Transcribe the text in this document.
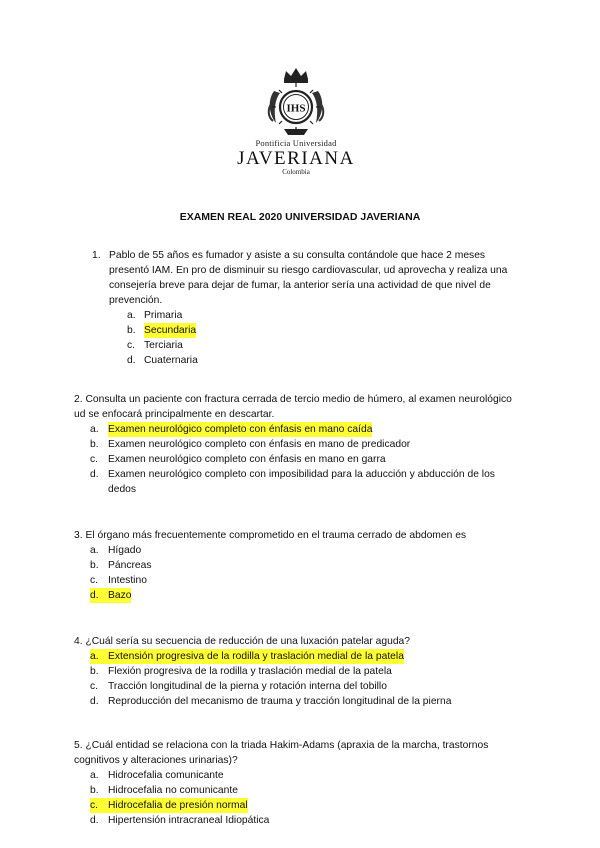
IHS
Pontificia Universidad
JAVERIANA
Colombia
EXAMEN REAL 2020 UNIVERSIDAD JAVERIANA
1. Pablo de 55 años es fumador y asiste a su consulta contándole que hace 2 meses presentó IAM. En pro de disminuir su riesgo cardiovascular, ud aprovecha y realiza una consejería breve para dejar de fumar, la anterior sería una actividad de que nivel de prevención.
a. Primaria
b. Secundaria
c. Terciaria
d. Cuaternaria
2. Consulta un paciente con fractura cerrada de tercio medio de húmero, al examen neurológico ud se enfocará principalmente en descartar.
a. Examen neurológico completo con énfasis en mano caída
b. Examen neurológico completo con énfasis en mano de predicador
c. Examen neurológico completo con énfasis en mano en garra
d. Examen neurológico completo con imposibilidad para la aducción y abducción de los dedos
3. El órgano más frecuentemente comprometido en el trauma cerrado de abdomen es
a. Hígado
b. Páncreas
c. Intestino
d. Bazo
4. ¿Cuál sería su secuencia de reducción de una luxación patelar aguda?
a. Extensión progresiva de la rodilla y traslación medial de la patela
b. Flexión progresiva de la rodilla y traslación medial de la patela
c. Tracción longitudinal de la pierna y rotación interna del tobillo
d. Reproducción del mecanismo de trauma y tracción longitudinal de la pierna
5. ¿Cuál entidad se relaciona con la triada Hakim-Adams (apraxia de la marcha, trastornos cognitivos y alteraciones urinarias)?
a. Hidrocefalia comunicante
b. Hidrocefalia no comunicante
c. Hidrocefalia de presión normal
d. Hipertensión intracraneal Idiopática
